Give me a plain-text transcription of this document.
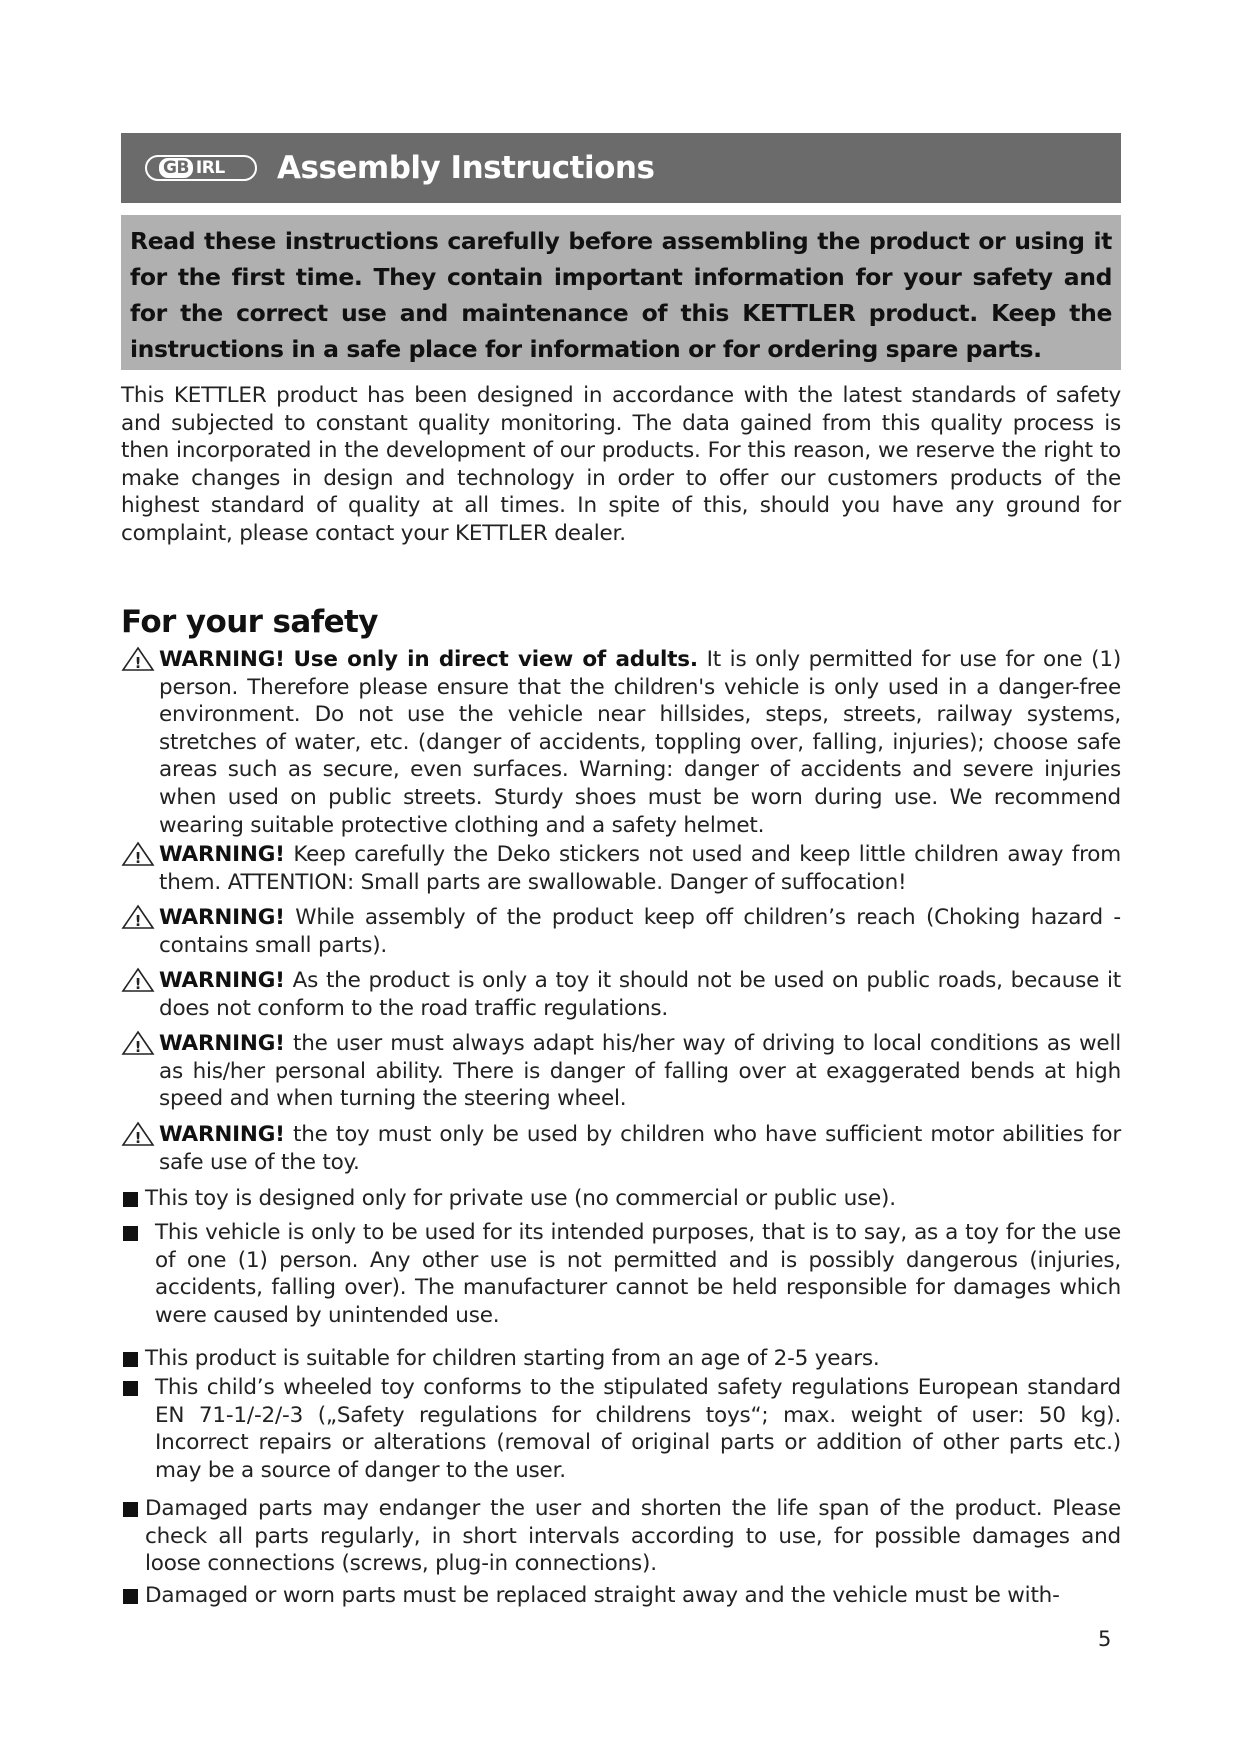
GB IRL Assembly Instructions
Read these instructions carefully before assembling the product or using it for the first time. They contain important information for your safety and for the correct use and maintenance of this KETTLER product. Keep the instructions in a safe place for information or for ordering spare parts.
This KETTLER product has been designed in accordance with the latest standards of safety and subjected to constant quality monitoring. The data gained from this quality process is then incorporated in the development of our products. For this reason, we reserve the right to make changes in design and technology in order to offer our customers products of the highest standard of quality at all times. In spite of this, should you have any ground for complaint, please contact your KETTLER dealer.
For your safety
! WARNING! Use only in direct view of adults. It is only permitted for use for one (1) person. Therefore please ensure that the children's vehicle is only used in a danger-free environment. Do not use the vehicle near hillsides, steps, streets, railway systems, stretches of water, etc. (danger of accidents, toppling over, falling, injuries); choose safe areas such as secure, even surfaces. Warning: danger of accidents and severe injuries when used on public streets. Sturdy shoes must be worn during use. We recommend wearing suitable protective clothing and a safety helmet.
! WARNING! Keep carefully the Deko stickers not used and keep little children away from them. ATTENTION: Small parts are swallowable. Danger of suffocation!
! WARNING! While assembly of the product keep off children’s reach (Choking hazard - contains small parts).
! WARNING! As the product is only a toy it should not be used on public roads, because it does not conform to the road traffic regulations.
! WARNING! the user must always adapt his/her way of driving to local conditions as well as his/her personal ability. There is danger of falling over at exaggerated bends at high speed and when turning the steering wheel.
! WARNING! the toy must only be used by children who have sufficient motor abilities for safe use of the toy.
This toy is designed only for private use (no commercial or public use).
This vehicle is only to be used for its intended purposes, that is to say, as a toy for the use of one (1) person. Any other use is not permitted and is possibly dangerous (injuries, accidents, falling over). The manufacturer cannot be held responsible for damages which were caused by unintended use.
This product is suitable for children starting from an age of 2-5 years.
This child’s wheeled toy conforms to the stipulated safety regulations European standard EN 71-1/-2/-3 („Safety regulations for childrens toys“; max. weight of user: 50 kg). Incorrect repairs or alterations (removal of original parts or addition of other parts etc.) may be a source of danger to the user.
Damaged parts may endanger the user and shorten the life span of the product. Please check all parts regularly, in short intervals according to use, for possible damages and loose connections (screws, plug-in connections).
Damaged or worn parts must be replaced straight away and the vehicle must be with-
5
